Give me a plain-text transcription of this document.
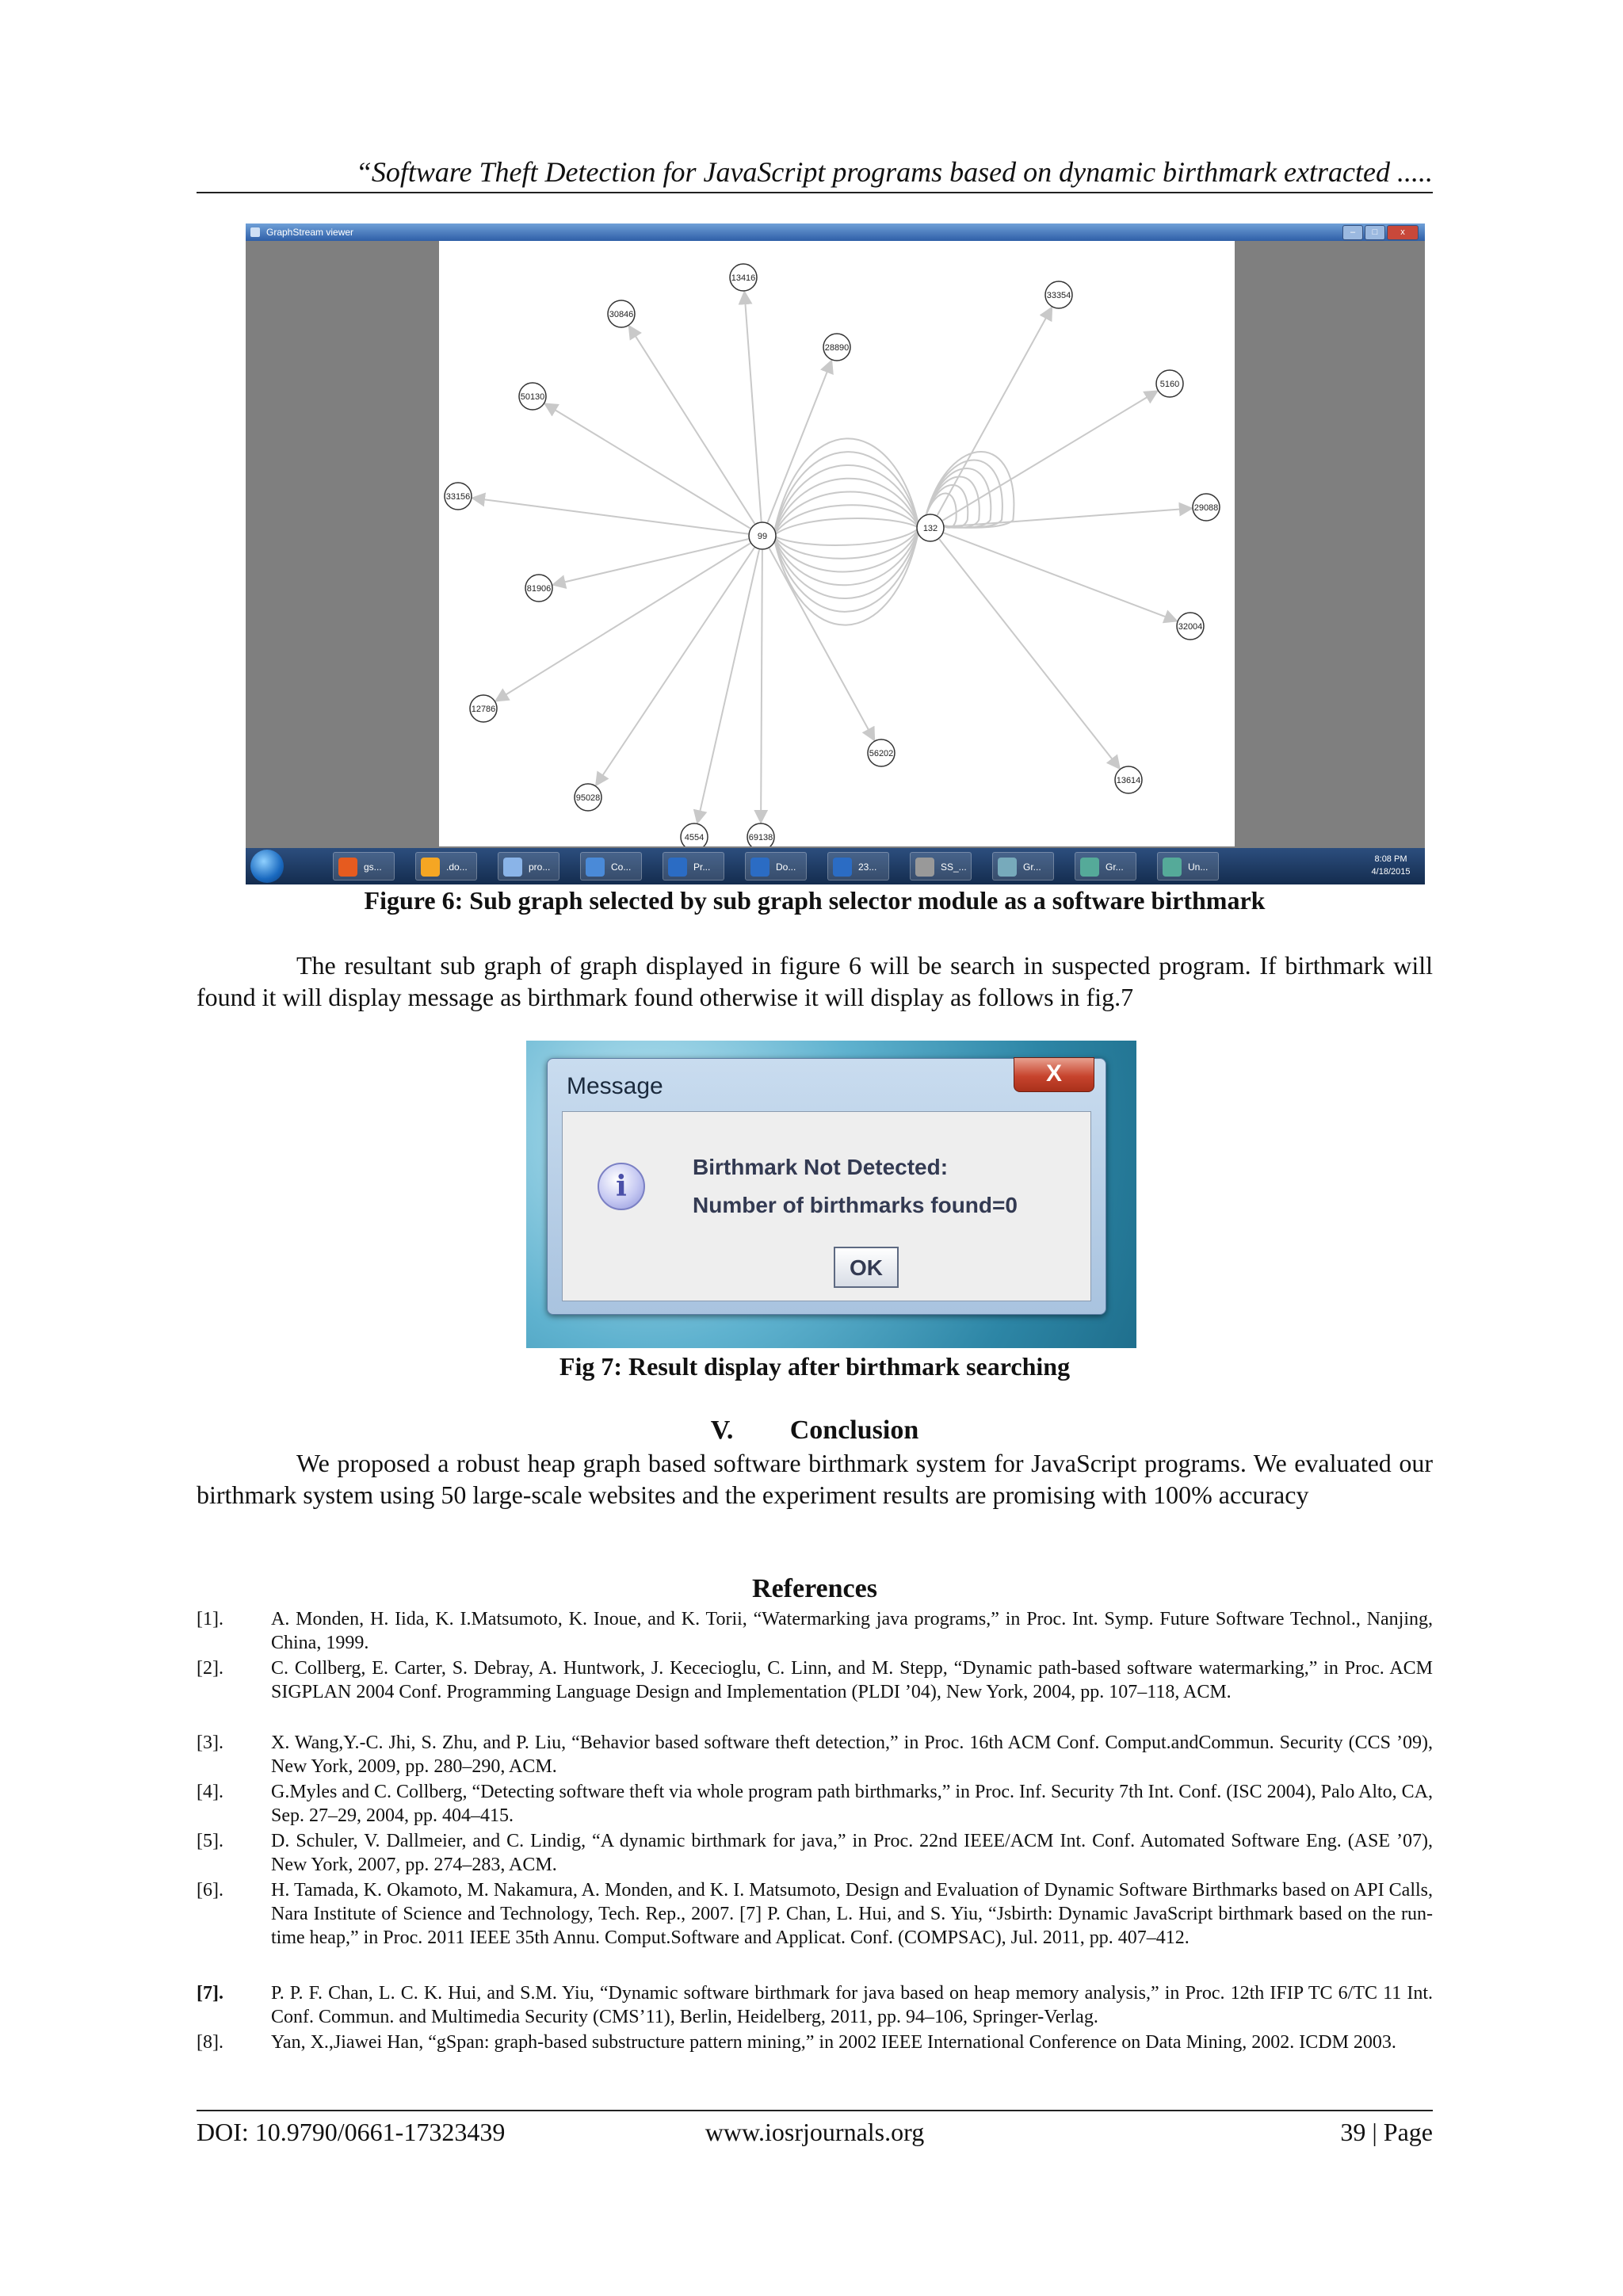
“Software Theft Detection for JavaScript programs based on dynamic birthmark extracted .....
GraphStream viewer	–	□	x
13416
30846
28890
33354
50130
5160
33156
29088
132
99
81906
32004
12786
56202
13614
95028
4554	69138
gs...	.do...	pro...	Co...	Pr...	Do...	23...	SS_...	Gr...	Gr...	Un...
8:08 PM
4/18/2015
Figure 6: Sub graph selected by sub graph selector module as a software birthmark
The resultant sub graph of graph displayed in figure 6 will be search in suspected program. If birthmark will found it will display message as birthmark found otherwise it will display as follows in fig.7
Message	X
i
Birthmark Not Detected:
Number of birthmarks found=0
OK
Fig 7: Result display after birthmark searching
V. Conclusion
We proposed a robust heap graph based software birthmark system for JavaScript programs. We evaluated our birthmark system using 50 large-scale websites and the experiment results are promising with 100% accuracy
References
[1].	A. Monden, H. Iida, K. I.Matsumoto, K. Inoue, and K. Torii, “Watermarking java programs,” in Proc. Int. Symp. Future Software Technol., Nanjing, China, 1999.
[2].	C. Collberg, E. Carter, S. Debray, A. Huntwork, J. Kececioglu, C. Linn, and M. Stepp, “Dynamic path-based software watermarking,” in Proc. ACM SIGPLAN 2004 Conf. Programming Language Design and Implementation (PLDI ’04), New York, 2004, pp. 107–118, ACM.
[3].	X. Wang,Y.-C. Jhi, S. Zhu, and P. Liu, “Behavior based software theft detection,” in Proc. 16th ACM Conf. Comput.andCommun. Security (CCS ’09), New York, 2009, pp. 280–290, ACM.
[4].	G.Myles and C. Collberg, “Detecting software theft via whole program path birthmarks,” in Proc. Inf. Security 7th Int. Conf. (ISC 2004), Palo Alto, CA, Sep. 27–29, 2004, pp. 404–415.
[5].	D. Schuler, V. Dallmeier, and C. Lindig, “A dynamic birthmark for java,” in Proc. 22nd IEEE/ACM Int. Conf. Automated Software Eng. (ASE ’07), New York, 2007, pp. 274–283, ACM.
[6].	H. Tamada, K. Okamoto, M. Nakamura, A. Monden, and K. I. Matsumoto, Design and Evaluation of Dynamic Software Birthmarks based on API Calls, Nara Institute of Science and Technology, Tech. Rep., 2007. [7] P. Chan, L. Hui, and S. Yiu, “Jsbirth: Dynamic JavaScript birthmark based on the run-time heap,” in Proc. 2011 IEEE 35th Annu. Comput.Software and Applicat. Conf. (COMPSAC), Jul. 2011, pp. 407–412.
[7].	P. P. F. Chan, L. C. K. Hui, and S.M. Yiu, “Dynamic software birthmark for java based on heap memory analysis,” in Proc. 12th IFIP TC 6/TC 11 Int. Conf. Commun. and Multimedia Security (CMS’11), Berlin, Heidelberg, 2011, pp. 94–106, Springer-Verlag.
[8].	Yan, X.,Jiawei Han, “gSpan: graph-based substructure pattern mining,” in 2002 IEEE International Conference on Data Mining, 2002. ICDM 2003.
DOI: 10.9790/0661-17323439	www.iosrjournals.org	39 | Page
